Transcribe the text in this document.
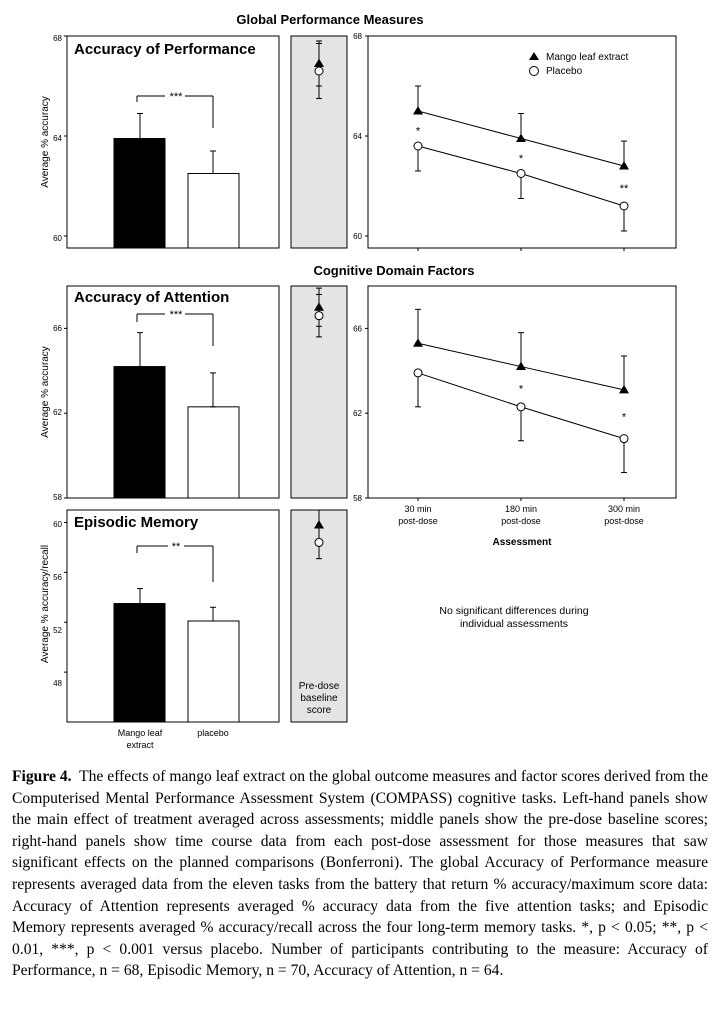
Global Performance Measures
Cognitive Domain Factors
Accuracy of Performance
Average % accuracy
68
64
60
***
Accuracy of Attention
Average % accuracy
66
62
58
***
Episodic Memory
Average % accuracy/recall
60
56
52
48
**
Mango leaf
extract
placebo
Pre-dose
baseline
score
Mango leaf extract
Placebo
Assessment
No significant differences during
individual assessments
60
64
68
*
*
**
58
62
66
*
*
30 min
post-dose
180 min
post-dose
300 min
post-dose
Figure 4. The effects of mango leaf extract on the global outcome measures and factor scores derived from the Computerised Mental Performance Assessment System (COMPASS) cognitive tasks. Left-hand panels show the main effect of treatment averaged across assessments; middle panels show the pre-dose baseline scores; right-hand panels show time course data from each post-dose assessment for those measures that saw significant effects on the planned comparisons (Bonferroni). The global Accuracy of Performance measure represents averaged data from the eleven tasks from the battery that return % accuracy/maximum score data: Accuracy of Attention represents averaged % accuracy data from the five attention tasks; and Episodic Memory represents averaged % accuracy/recall across the four long-term memory tasks. *, p < 0.05; **, p < 0.01, ***, p < 0.001 versus placebo. Number of participants contributing to the measure: Accuracy of Performance, n = 68, Episodic Memory, n = 70, Accuracy of Attention, n = 64.
